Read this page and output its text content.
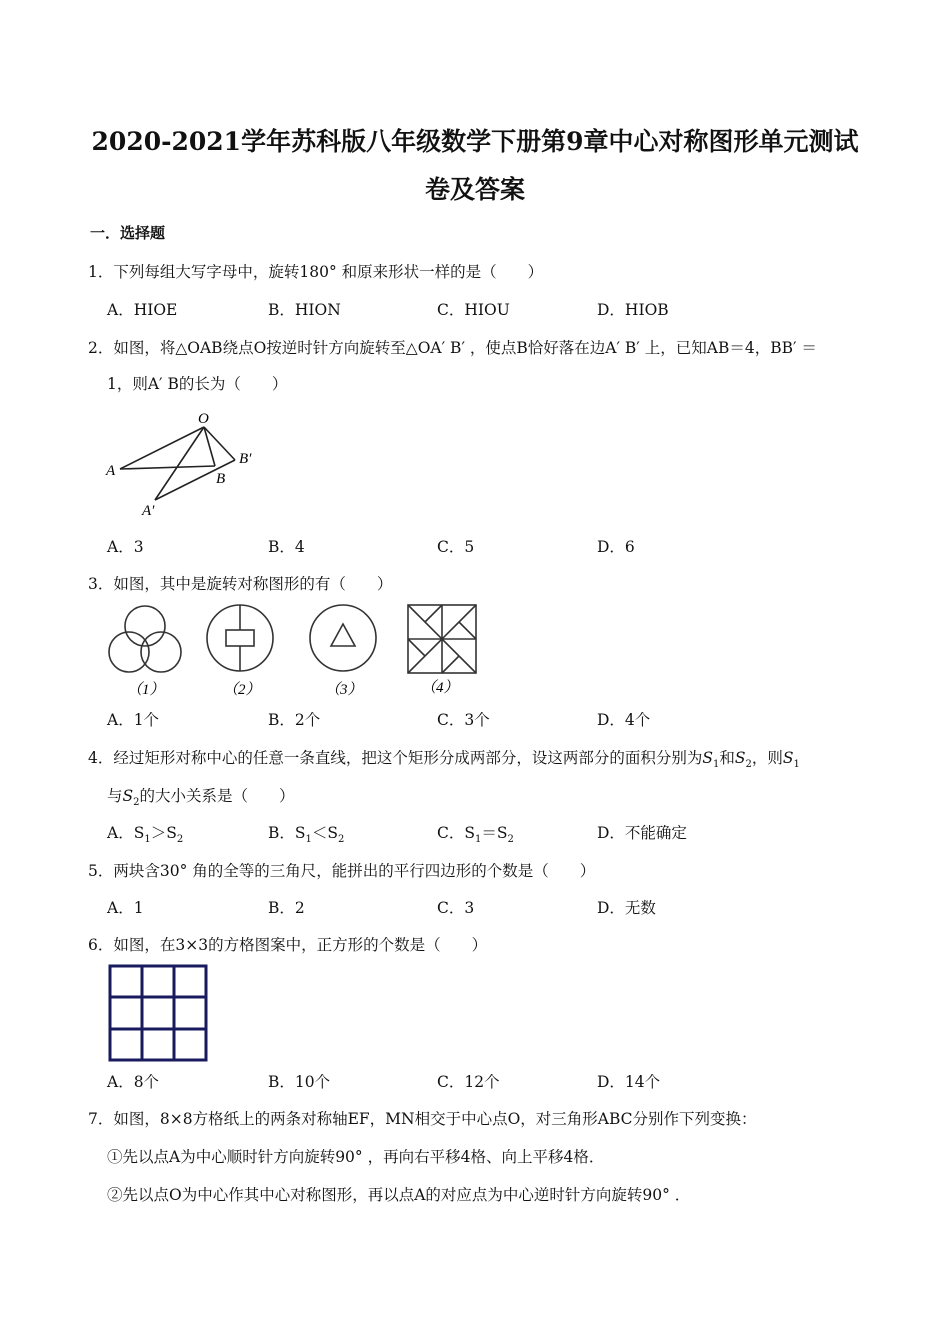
2020-2021学年苏科版八年级数学下册第9章中心对称图形单元测试
卷及答案
一．选择题
1．下列每组大写字母中，旋转180° 和原来形状一样的是（　　）
A．HIOE	B．HION	C．HIOU	D．HIOB
2．如图，将△OAB绕点O按逆时针方向旋转至△OA′ B′ ，使点B恰好落在边A′ B′ 上，已知AB＝4，BB′ ＝
1，则A′ B的长为（　　）
O
A	B
B′
A′
A．3	B．4	C．5	D．6
3．如图，其中是旋转对称图形的有（　　）
（1）	（2）	（3）	（4）
A．1个	B．2个	C．3个	D．4个
4．经过矩形对称中心的任意一条直线，把这个矩形分成两部分，设这两部分的面积分别为$S_1$和$S_2$，则$S_1$
与$S_2$的大小关系是（　　）
A．$S_1>S_2$	B．$S_1<S_2$	C．$S_1=S_2$	D．不能确定
5．两块含30° 角的全等的三角尺，能拼出的平行四边形的个数是（　　）
A．1	B．2	C．3	D．无数
6．如图，在3×3的方格图案中，正方形的个数是（　　）
A．8个	B．10个	C．12个	D．14个
7．如图，8×8方格纸上的两条对称轴EF，MN相交于中心点O，对三角形ABC分别作下列变换：
①先以点A为中心顺时针方向旋转90° ，再向右平移4格、向上平移4格．
②先以点O为中心作其中心对称图形，再以点A的对应点为中心逆时针方向旋转90° ．
